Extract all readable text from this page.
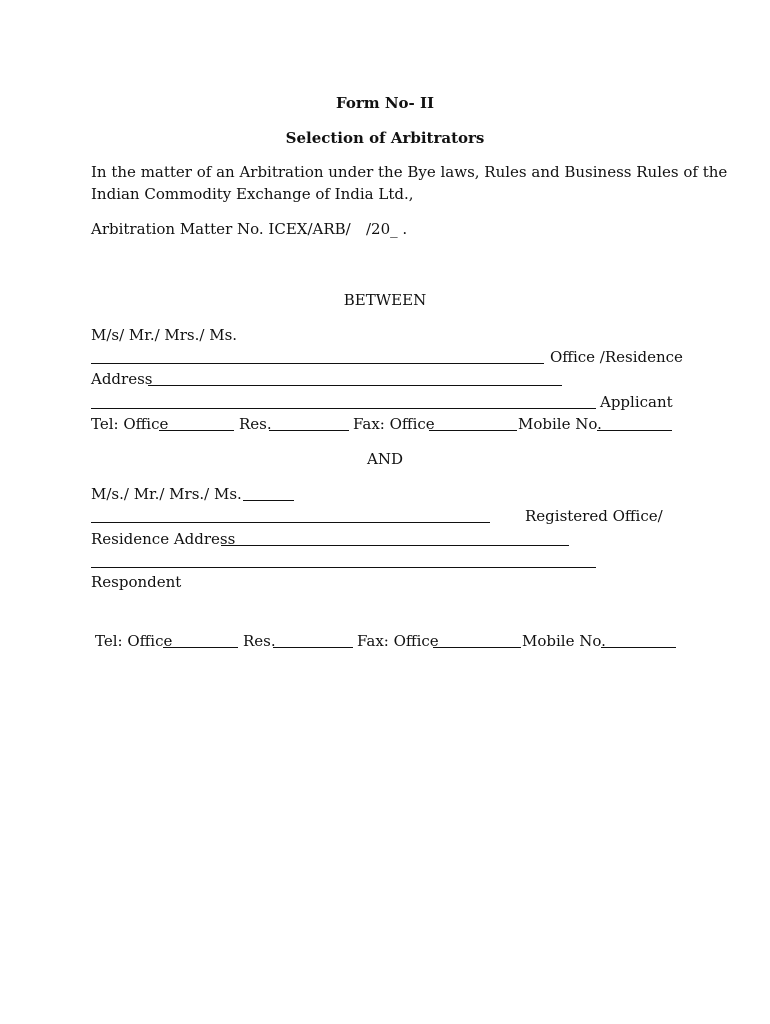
Form No- II
Selection of Arbitrators
In the matter of an Arbitration under the Bye laws, Rules and Business Rules of the
Indian Commodity Exchange of India Ltd.,
Arbitration Matter No. ICEX/ARB/ /20_ .
BETWEEN
M/s/ Mr./ Mrs./ Ms.
Office /Residence
Address
Applicant
Tel: Office	Res.	Fax: Office	Mobile No.
AND
M/s./ Mr./ Mrs./ Ms.
Registered Office/
Residence Address
Respondent
Tel: Office	Res.	Fax: Office	Mobile No.
